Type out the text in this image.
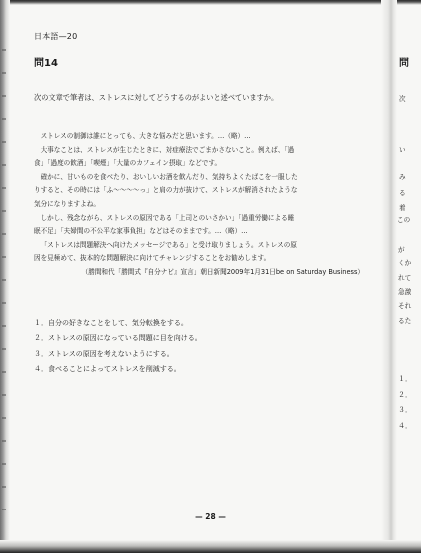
日本語—20
問14
次の文章で筆者は、ストレスに対してどうするのがよいと述べていますか。

ストレスの制御は誰にとっても、大きな悩みだと思います。…（略）…

大事なことは、ストレスが生じたときに、対症療法でごまかさないこと。例えば、「過

食」「過度の飲酒」「喫煙」「大量のカフェイン摂取」などです。

確かに、甘いものを食べたり、おいしいお酒を飲んだり、気持ちよくたばこを一服した

りすると、その時には「ふ〜〜〜〜っ」と肩の力が抜けて、ストレスが解消されたような

気分になりますよね。

しかし、残念ながら、ストレスの原因である「上司とのいさかい」「過重労働による睡

眠不足」「夫婦間の不公平な家事負担」などはそのままです。…（略）…

「ストレスは問題解決へ向けたメッセージである」と受け取りましょう。ストレスの原

因を見極めて、抜本的な問題解決に向けてチャレンジすることをお勧めします。

（勝間和代「勝間式『自分ナビ』宣言」朝日新聞2009年1月31日be on Saturday Business）

１．自分の好きなことをして、気分転換をする。
２．ストレスの原因になっている問題に目を向ける。
３．ストレスの原因を考えないようにする。
４．食べることによってストレスを削減する。
— 28 —
問
次
い
み
る
着
この
が
くか
れて
急激
それ
るた
１．
２．
３．
４．
